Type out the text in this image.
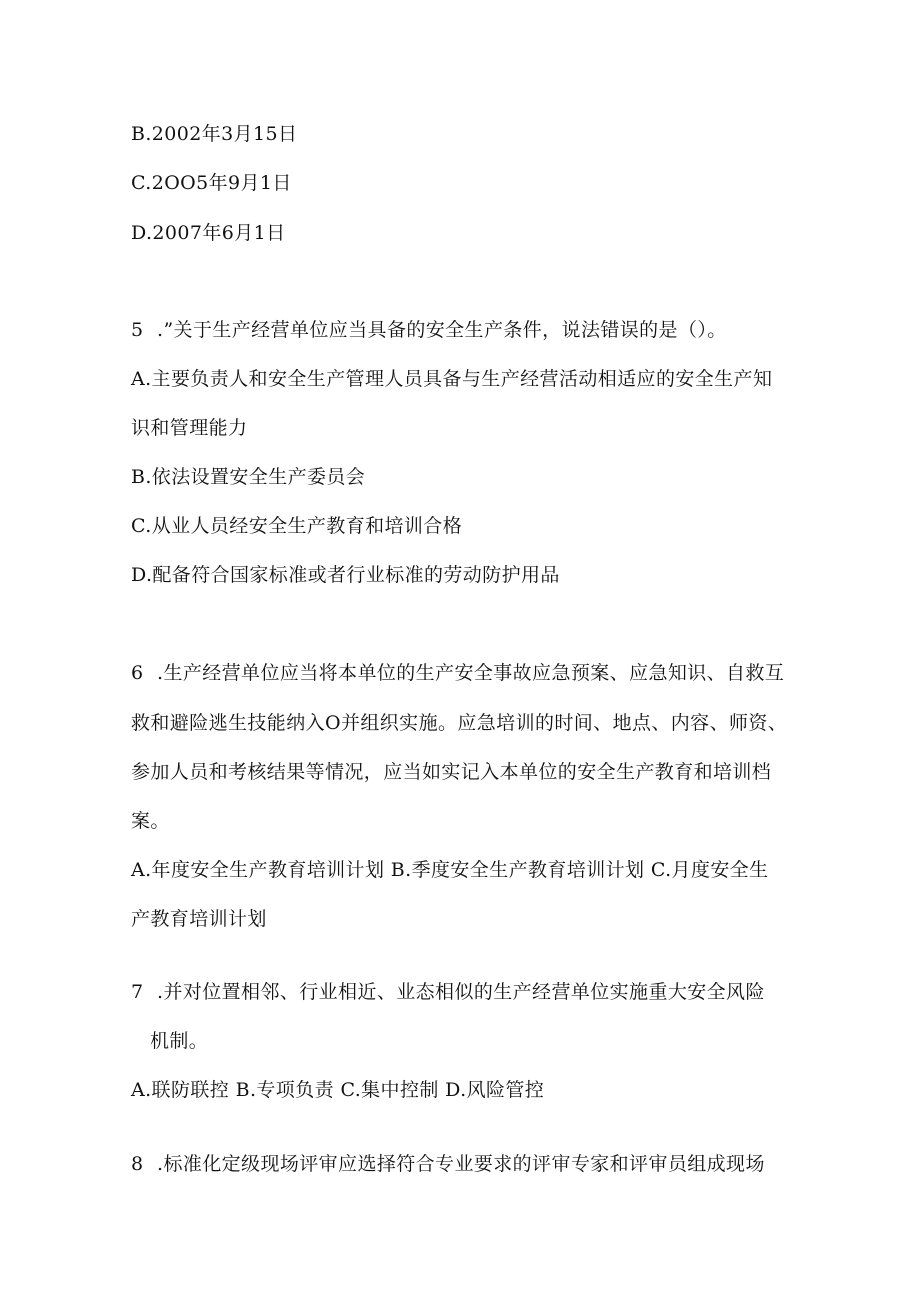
B.2002年3月15日
C.2OO5年9月1日
D.2007年6月1日
5 .”关于生产经营单位应当具备的安全生产条件，说法错误的是（）。
A.主要负责人和安全生产管理人员具备与生产经营活动相适应的安全生产知
识和管理能力
B.依法设置安全生产委员会
C.从业人员经安全生产教育和培训合格
D.配备符合国家标准或者行业标准的劳动防护用品
6 .生产经营单位应当将本单位的生产安全事故应急预案、应急知识、自救互
救和避险逃生技能纳入O并组织实施。应急培训的时间、地点、内容、师资、
参加人员和考核结果等情况，应当如实记入本单位的安全生产教育和培训档
案。
A.年度安全生产教育培训计划 B.季度安全生产教育培训计划 C.月度安全生
产教育培训计划
7 .并对位置相邻、行业相近、业态相似的生产经营单位实施重大安全风险
机制。
A.联防联控 B.专项负责 C.集中控制 D.风险管控
8 .标准化定级现场评审应选择符合专业要求的评审专家和评审员组成现场
